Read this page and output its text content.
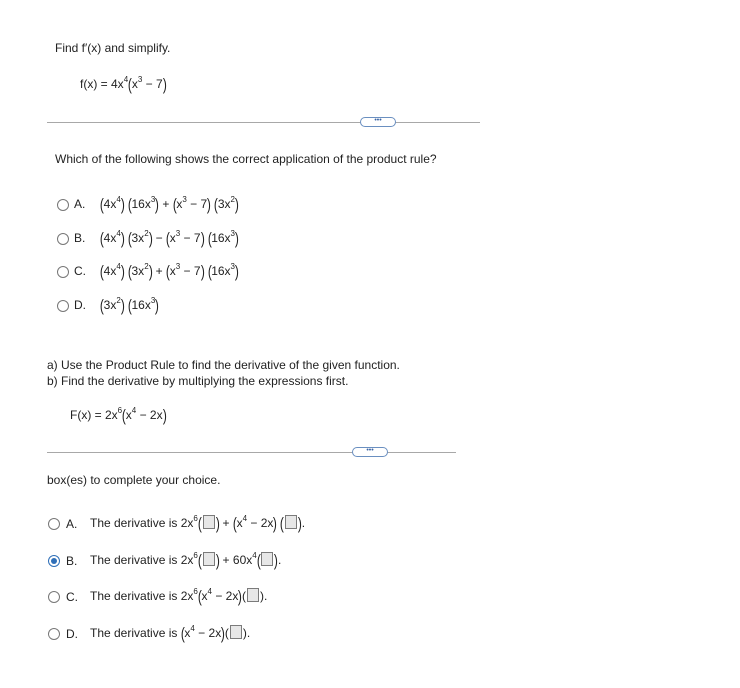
Find f′(x) and simplify.
$f(x) = 4x^4(x^3 - 7)$
•••
Which of the following shows the correct application of the product rule?
A. $(4x^4) (16x^3) + (x^3 - 7)$ $(3x^2)$
B. $(4x^4) (3x^2) - (x^3 - 7)$ $(16x^3)$
C. $(4x^4) (3x^2) + (x^3 - 7)$ $(16x^3)$
D. $(3x^2)$ $(16x^3)$
a) Use the Product Rule to find the derivative of the given function.
b) Find the derivative by multiplying the expressions first.
$F(x) = 2x^6(x^4 - 2x)$
•••
box(es) to complete your choice.
A. The derivative is $2x^6$( ) + $(x^4 - 2x)$ ( ).
B. The derivative is $2x^6$( ) + $60x^4$( ).
C. The derivative is $2x^6(x^4 - 2x)$( ).
D. The derivative is $(x^4 - 2x)$( ).
